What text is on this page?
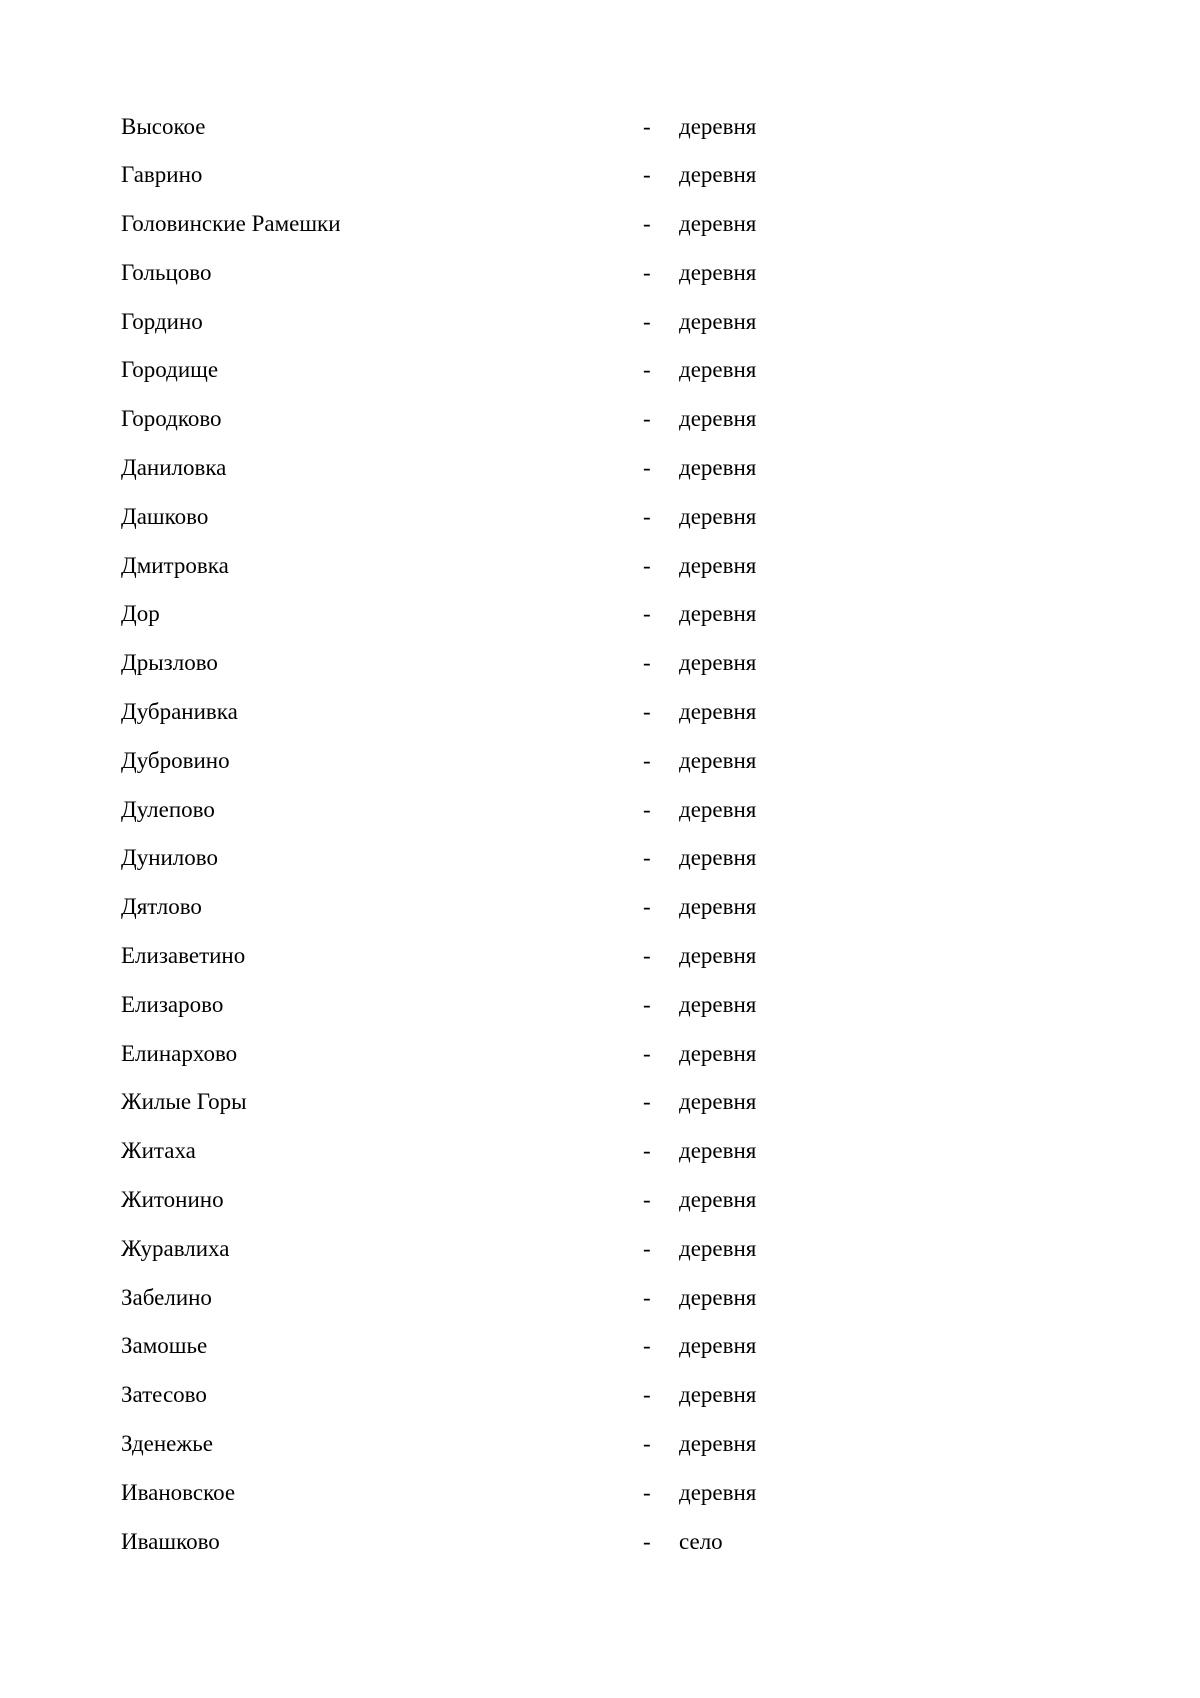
Высокое	- деревня
Гаврино	- деревня
Головинские Рамешки	- деревня
Гольцово	- деревня
Гордино	- деревня
Городище	- деревня
Городково	- деревня
Даниловка	- деревня
Дашково	- деревня
Дмитровка	- деревня
Дор	- деревня
Дрызлово	- деревня
Дубранивка	- деревня
Дубровино	- деревня
Дулепово	- деревня
Дунилово	- деревня
Дятлово	- деревня
Елизаветино	- деревня
Елизарово	- деревня
Елинархово	- деревня
Жилые Горы	- деревня
Житаха	- деревня
Житонино	- деревня
Журавлиха	- деревня
Забелино	- деревня
Замошье	- деревня
Затесово	- деревня
Зденежье	- деревня
Ивановское	- деревня
Ивашково	- село
